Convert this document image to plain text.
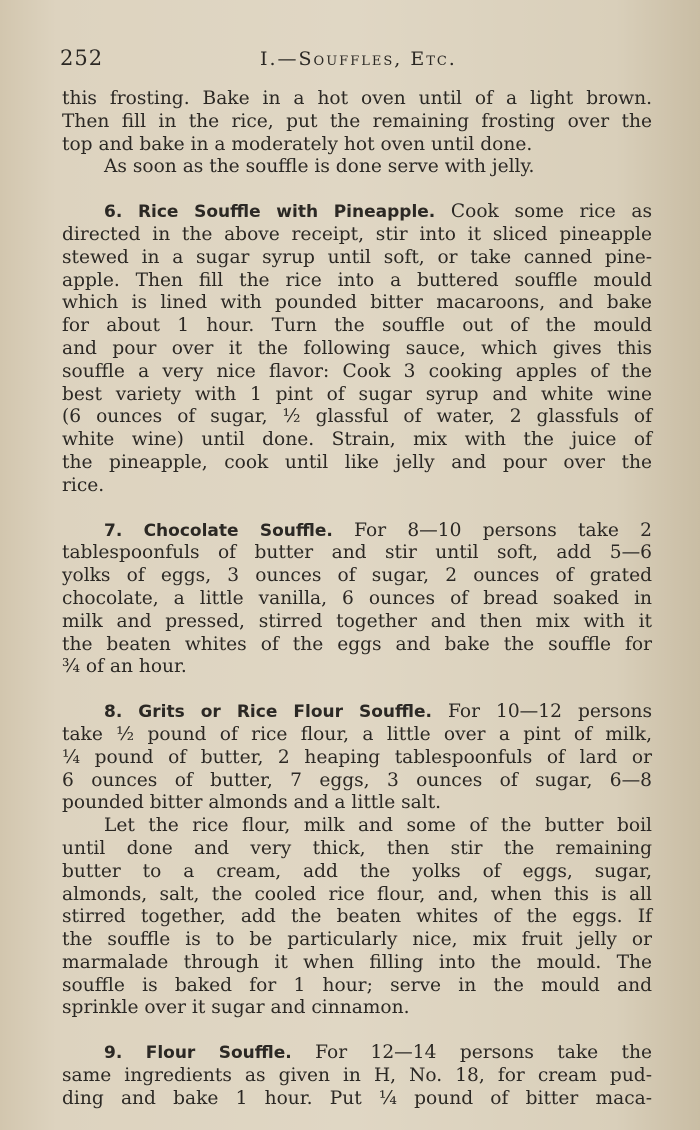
252	I.—Souffles, Etc.
this frosting. Bake in a hot oven until of a light brown.
Then fill in the rice, put the remaining frosting over the
top and bake in a moderately hot oven until done.
As soon as the souffle is done serve with jelly.
6. Rice Souffle with Pineapple. Cook some rice as
directed in the above receipt, stir into it sliced pineapple
stewed in a sugar syrup until soft, or take canned pine-
apple. Then fill the rice into a buttered souffle mould
which is lined with pounded bitter macaroons, and bake
for about 1 hour. Turn the souffle out of the mould
and pour over it the following sauce, which gives this
souffle a very nice flavor: Cook 3 cooking apples of the
best variety with 1 pint of sugar syrup and white wine
(6 ounces of sugar, ½ glassful of water, 2 glassfuls of
white wine) until done. Strain, mix with the juice of
the pineapple, cook until like jelly and pour over the
rice.
7. Chocolate Souffle. For 8—10 persons take 2
tablespoonfuls of butter and stir until soft, add 5—6
yolks of eggs, 3 ounces of sugar, 2 ounces of grated
chocolate, a little vanilla, 6 ounces of bread soaked in
milk and pressed, stirred together and then mix with it
the beaten whites of the eggs and bake the souffle for
¾ of an hour.
8. Grits or Rice Flour Souffle. For 10—12 persons
take ½ pound of rice flour, a little over a pint of milk,
¼ pound of butter, 2 heaping tablespoonfuls of lard or
6 ounces of butter, 7 eggs, 3 ounces of sugar, 6—8
pounded bitter almonds and a little salt.
Let the rice flour, milk and some of the butter boil
until done and very thick, then stir the remaining
butter to a cream, add the yolks of eggs, sugar,
almonds, salt, the cooled rice flour, and, when this is all
stirred together, add the beaten whites of the eggs. If
the souffle is to be particularly nice, mix fruit jelly or
marmalade through it when filling into the mould. The
souffle is baked for 1 hour; serve in the mould and
sprinkle over it sugar and cinnamon.
9. Flour Souffle. For 12—14 persons take the
same ingredients as given in H, No. 18, for cream pud-
ding and bake 1 hour. Put ¼ pound of bitter maca-
